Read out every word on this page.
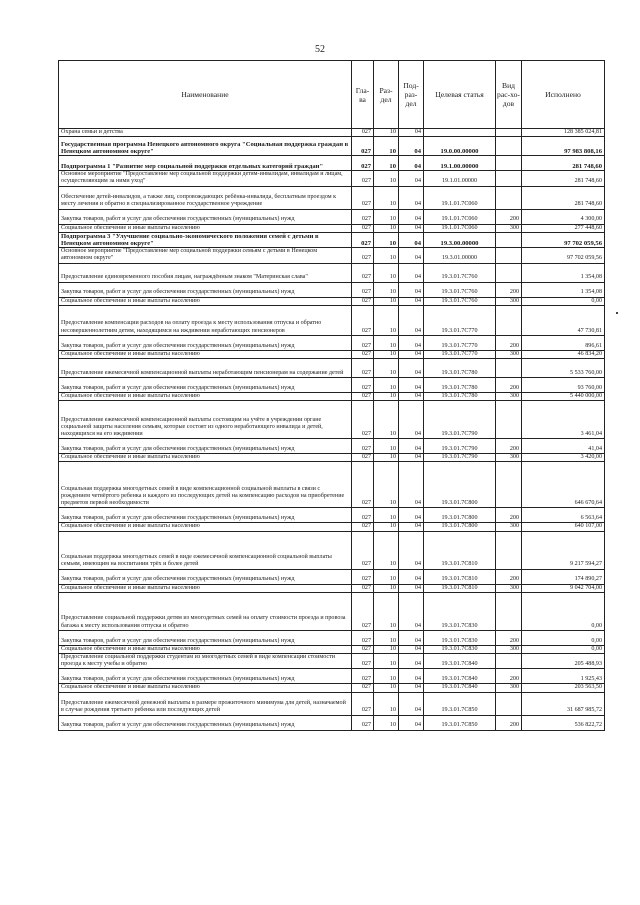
52
Наименование	Гла-ва	Раз-дел	Под-раз-дел	Целевая статья	Вид рас-хо-дов	Исполнено
Охрана семьи и детства	027	10	04			128 385 024,81
Государственная программа Ненецкого автономного округа "Социальная поддержка граждан в Ненецком автономном округе"	027	10	04	19.0.00.00000		97 983 808,16
Подпрограмма 1 "Развитие мер социальной поддержки отдельных категорий граждан"	027	10	04	19.1.00.00000		281 748,60
Основное мероприятие "Предоставление мер социальной поддержки детям-инвалидам, инвалидам и лицам, осуществляющим за ними уход"	027	10	04	19.1.01.00000		281 748,60
Обеспечение детей-инвалидов, а также лиц, сопровождающих ребёнка-инвалида, бесплатным проездом к месту лечения и обратно в специализированное государственное учреждение	027	10	04	19.1.01.7С060		281 748,60
Закупка товаров, работ и услуг для обеспечения государственных (муниципальных) нужд	027	10	04	19.1.01.7С060	200	4 300,00
Социальное обеспечение и иные выплаты населению	027	10	04	19.1.01.7С060	300	277 448,60
Подпрограмма 3 "Улучшение социально-экономического положения семей с детьми в Ненецком автономном округе"	027	10	04	19.3.00.00000		97 702 059,56
Основное мероприятие "Предоставление мер социальной поддержки семьям с детьми в Ненецком автономном округе"	027	10	04	19.3.01.00000		97 702 059,56
Предоставление единовременного пособия лицам, награждённым знаком "Материнская слава"	027	10	04	19.3.01.7С760		1 354,08
Закупка товаров, работ и услуг для обеспечения государственных (муниципальных) нужд	027	10	04	19.3.01.7С760	200	1 354,08
Социальное обеспечение и иные выплаты населению	027	10	04	19.3.01.7С760	300	0,00
Предоставление компенсации расходов на оплату проезда к месту использования отпуска и обратно несовершеннолетним детям, находящимся на иждивении неработающих пенсионеров	027	10	04	19.3.01.7С770		47 730,81
Закупка товаров, работ и услуг для обеспечения государственных (муниципальных) нужд	027	10	04	19.3.01.7С770	200	896,61
Социальное обеспечение и иные выплаты населению	027	10	04	19.3.01.7С770	300	46 834,20
Предоставление ежемесячной компенсационной выплаты неработающим пенсионерам на содержание детей	027	10	04	19.3.01.7С780		5 533 760,00
Закупка товаров, работ и услуг для обеспечения государственных (муниципальных) нужд	027	10	04	19.3.01.7С780	200	93 760,00
Социальное обеспечение и иные выплаты населению	027	10	04	19.3.01.7С780	300	5 440 000,00
Предоставление ежемесячной компенсационной выплаты состоящим на учёте в учреждении органе социальной защиты населения семьям, которые состоят из одного неработающего инвалида и детей, находящихся на его иждивении	027	10	04	19.3.01.7С790		3 461,04
Закупка товаров, работ и услуг для обеспечения государственных (муниципальных) нужд	027	10	04	19.3.01.7С790	200	41,04
Социальное обеспечение и иные выплаты населению	027	10	04	19.3.01.7С790	300	3 420,00
Социальная поддержка многодетных семей в виде компенсационной социальной выплаты в связи с рождением четвёртого ребенка и каждого из последующих детей на компенсацию расходов на приобретение предметов первой необходимости	027	10	04	19.3.01.7С800		646 670,64
Закупка товаров, работ и услуг для обеспечения государственных (муниципальных) нужд	027	10	04	19.3.01.7С800	200	6 563,64
Социальное обеспечение и иные выплаты населению	027	10	04	19.3.01.7С800	300	640 107,00
Социальная поддержка многодетных семей в виде ежемесячной компенсационной социальной выплаты семьям, имеющим на воспитании трёх и более детей	027	10	04	19.3.01.7С810		9 217 594,27
Закупка товаров, работ и услуг для обеспечения государственных (муниципальных) нужд	027	10	04	19.3.01.7С810	200	174 890,27
Социальное обеспечение и иные выплаты населению	027	10	04	19.3.01.7С810	300	9 042 704,00
Предоставление социальной поддержки детям из многодетных семей на оплату стоимости проезда и провоза багажа к месту использования отпуска и обратно	027	10	04	19.3.01.7С830		0,00
Закупка товаров, работ и услуг для обеспечения государственных (муниципальных) нужд	027	10	04	19.3.01.7С830	200	0,00
Социальное обеспечение и иные выплаты населению	027	10	04	19.3.01.7С830	300	0,00
Предоставление социальной поддержки студентам из многодетных семей в виде компенсации стоимости проезда к месту учебы и обратно	027	10	04	19.3.01.7С840		205 488,93
Закупка товаров, работ и услуг для обеспечения государственных (муниципальных) нужд	027	10	04	19.3.01.7С840	200	1 925,43
Социальное обеспечение и иные выплаты населению	027	10	04	19.3.01.7С840	300	203 563,50
Предоставление ежемесячной денежной выплаты в размере прожиточного минимума для детей, назначаемой в случае рождения третьего ребенка или последующих детей	027	10	04	19.3.01.7С850		31 687 985,72
Закупка товаров, работ и услуг для обеспечения государственных (муниципальных) нужд	027	10	04	19.3.01.7С850	200	536 822,72
